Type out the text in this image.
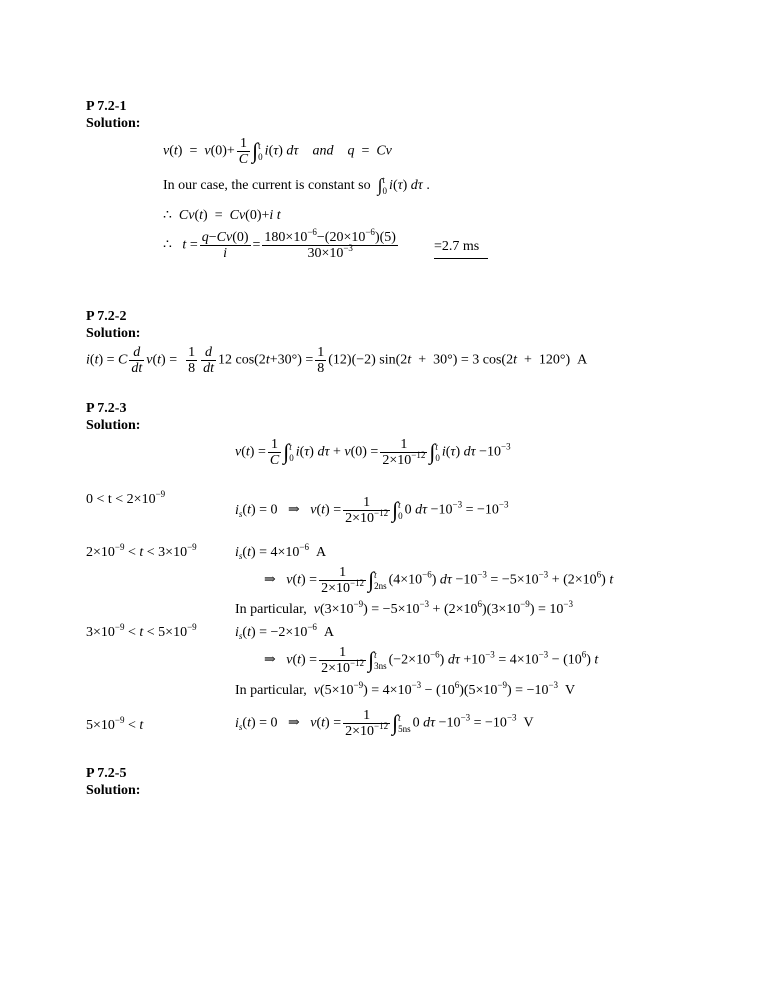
P 7.2-1
Solution:
$v(t) = v(0)+ \frac{1}{C}$ ∫ t
0 i(τ) dτ and q  =  Cv
In our case, the current is constant so ∫ t
0 i(τ) dτ .
∴  Cv(t)  =  Cv(0)+i t
∴   $t = \frac{q-Cv(0)}{i} = \frac{180\times 10^{-6}-(20\times 10^{-6})(5)}{30\times 10^{-3}}$	=2.7 ms
P 7.2-2
Solution:
i(t) = C $\frac{d}{dt} v(t) = \frac{1}{8} \frac{d}{dt} 12$ $\cos(2t+30^\circ) = \frac{1}{8} (12)(-2) \sin(2t + 30^\circ) = 3$ cos(2t  +  120°)  A
P 7.2-3
Solution:
$v(t) = \frac{1}{C}$ ∫ t
0 i(τ) $d\tau + v(0) = \frac{1}{2\times 10^{-12}}$ ∫ t
0 i(τ) $d\tau -10^{-3}$
$0 < t < 2\times 10^{-9}$
$i_s(t) = 0$   ⇒   $v(t) = \frac{1}{2\times 10^{-12}}$ ∫ t
0 0 $d\tau -10^{-3} = -10^{-3}$
$2\times 10^{-9} < t < 3\times 10^{-9}$	$i_s(t) = 4\times 10^{-6}$  A
⇒   $v(t) = \frac{1}{2\times 10^{-12}}$ ∫ t
2ns $(4\times 10^{-6})$ $d\tau -10^{-3} = -5\times 10^{-3} + (2\times 10^6)$ t
In particular, $v(3\times 10^{-9}) = -5\times 10^{-3} + (2\times 10^6)(3\times 10^{-9}) = 10^{-3}$
$3\times 10^{-9} < t < 5\times 10^{-9}$	$i_s(t) = -2\times 10^{-6}$  A
⇒   $v(t) = \frac{1}{2\times 10^{-12}}$ ∫ t
3ns $(-2\times 10^{-6})$ $d\tau +10^{-3} = 4\times 10^{-3} - (10^6)$ t
In particular, $v(5\times 10^{-9}) = 4\times 10^{-3} - (10^6)(5\times 10^{-9}) = -10^{-3}$  V
$5\times 10^{-9} < t$	$i_s(t) = 0$   ⇒   $v(t) = \frac{1}{2\times 10^{-12}}$ ∫ t
5ns 0 $d\tau -10^{-3} = -10^{-3}$  V
P 7.2-5
Solution:
